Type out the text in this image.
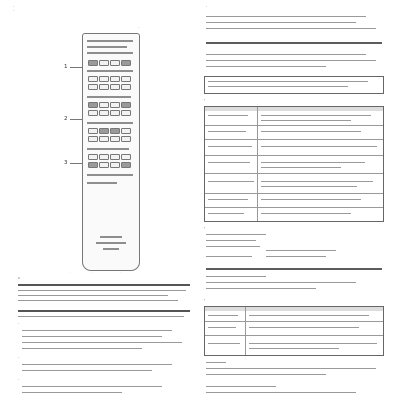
·
·
·
·
1
2
3
·	·
·
·
·
·
·
·
·
·
